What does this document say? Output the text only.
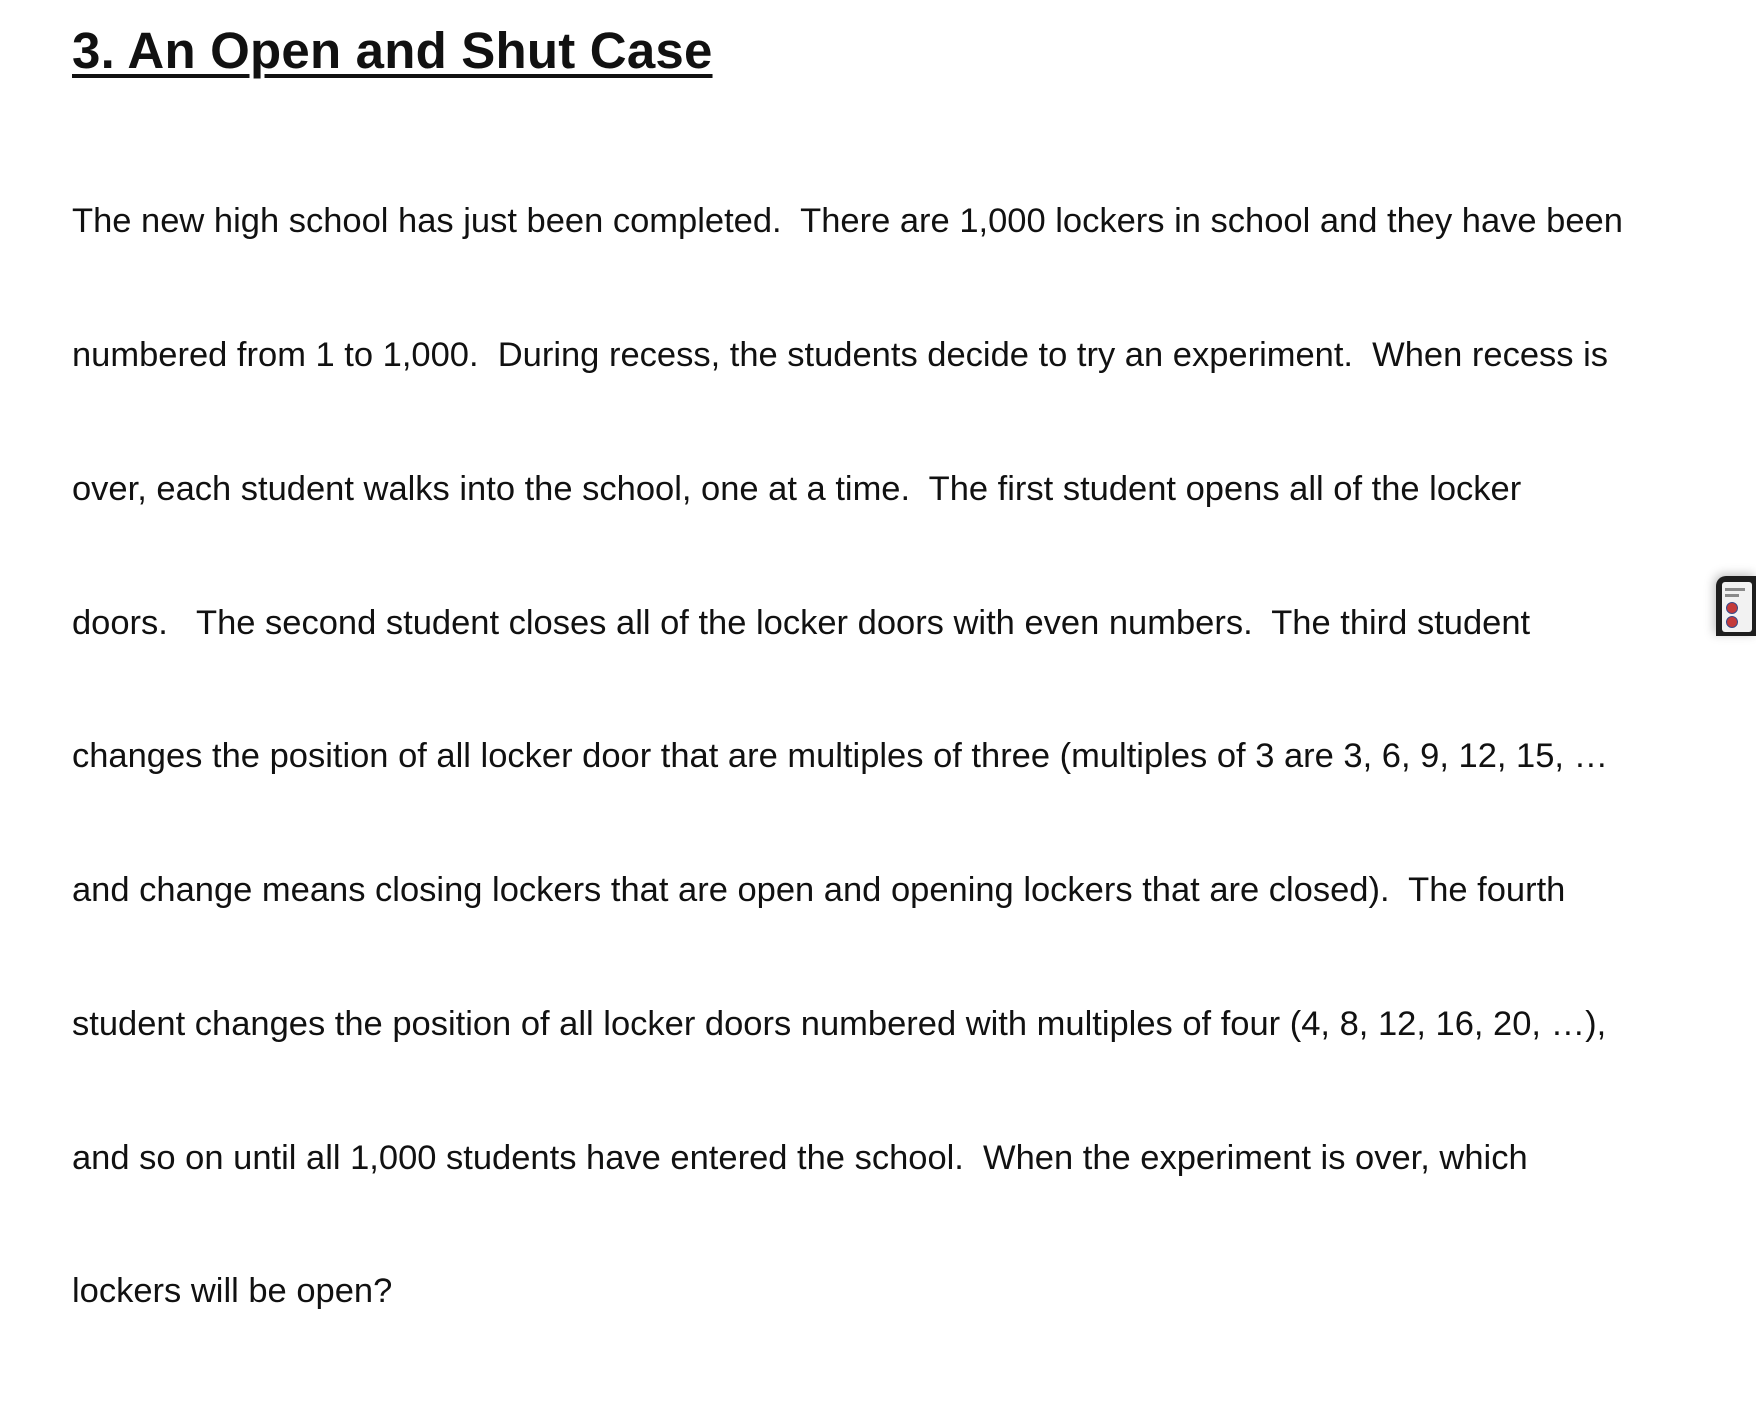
3. An Open and Shut Case

The new high school has just been completed.  There are 1,000 lockers in school and they have been

numbered from 1 to 1,000.  During recess, the students decide to try an experiment.  When recess is

over, each student walks into the school, one at a time.  The first student opens all of the locker

doors.   The second student closes all of the locker doors with even numbers.  The third student

changes the position of all locker door that are multiples of three (multiples of 3 are 3, 6, 9, 12, 15, …

and change means closing lockers that are open and opening lockers that are closed).  The fourth

student changes the position of all locker doors numbered with multiples of four (4, 8, 12, 16, 20, …),

and so on until all 1,000 students have entered the school.  When the experiment is over, which

lockers will be open?
